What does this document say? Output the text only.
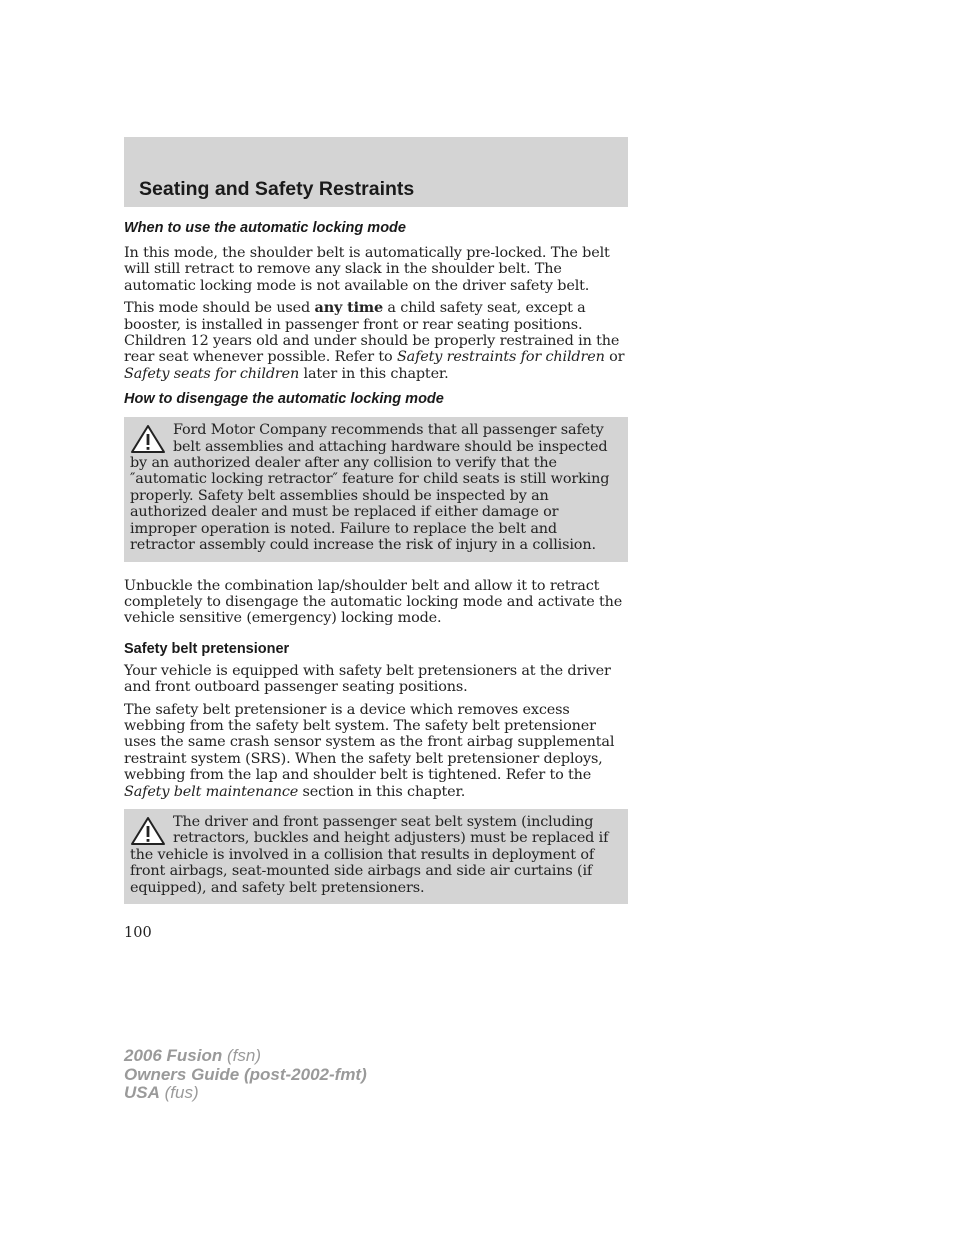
Seating and Safety Restraints
When to use the automatic locking mode

In this mode, the shoulder belt is automatically pre-locked. The belt will still retract to remove any slack in the shoulder belt. The automatic locking mode is not available on the driver safety belt.

This mode should be used any time a child safety seat, except a booster, is installed in passenger front or rear seating positions. Children 12 years old and under should be properly restrained in the rear seat whenever possible. Refer to Safety restraints for children or Safety seats for children later in this chapter.

How to disengage the automatic locking mode

Ford Motor Company recommends that all passenger safety belt assemblies and attaching hardware should be inspected by an authorized dealer after any collision to verify that the ″automatic locking retractor″ feature for child seats is still working properly. Safety belt assemblies should be inspected by an authorized dealer and must be replaced if either damage or improper operation is noted. Failure to replace the belt and retractor assembly could increase the risk of injury in a collision.

Unbuckle the combination lap/shoulder belt and allow it to retract completely to disengage the automatic locking mode and activate the vehicle sensitive (emergency) locking mode.

Safety belt pretensioner

Your vehicle is equipped with safety belt pretensioners at the driver and front outboard passenger seating positions.

The safety belt pretensioner is a device which removes excess webbing from the safety belt system. The safety belt pretensioner uses the same crash sensor system as the front airbag supplemental restraint system (SRS). When the safety belt pretensioner deploys, webbing from the lap and shoulder belt is tightened. Refer to the Safety belt maintenance section in this chapter.

The driver and front passenger seat belt system (including retractors, buckles and height adjusters) must be replaced if the vehicle is involved in a collision that results in deployment of front airbags, seat-mounted side airbags and side air curtains (if equipped), and safety belt pretensioners.

100
2006 Fusion (fsn)
Owners Guide (post-2002-fmt)
USA (fus)
